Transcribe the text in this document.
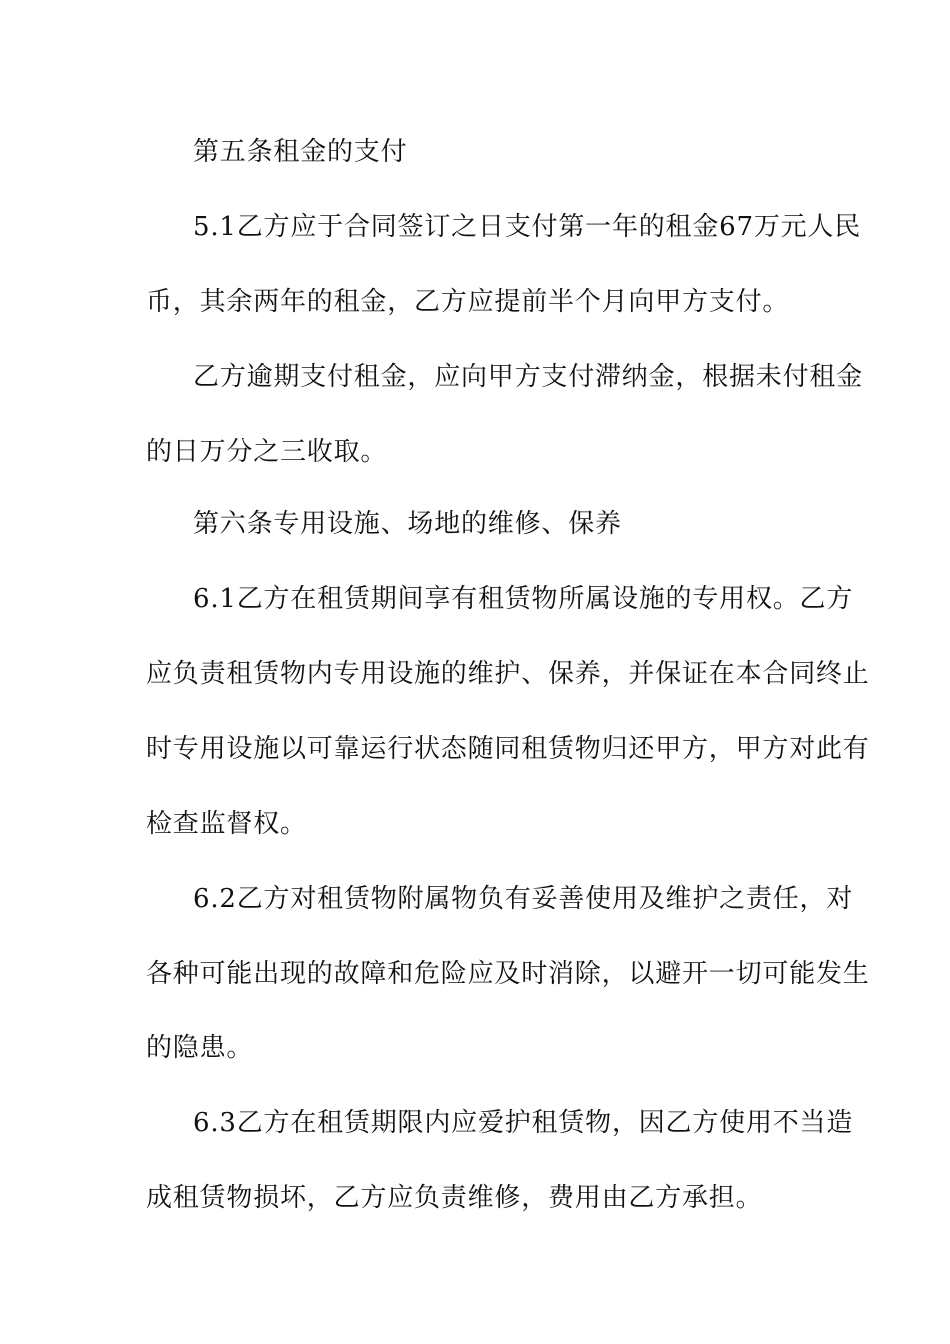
第五条租金的支付
5.1乙方应于合同签订之日支付第一年的租金67万元人民
币，其余两年的租金，乙方应提前半个月向甲方支付。
乙方逾期支付租金，应向甲方支付滞纳金，根据未付租金
的日万分之三收取。
第六条专用设施、场地的维修、保养
6.1乙方在租赁期间享有租赁物所属设施的专用权。乙方
应负责租赁物内专用设施的维护、保养，并保证在本合同终止
时专用设施以可靠运行状态随同租赁物归还甲方，甲方对此有
检查监督权。
6.2乙方对租赁物附属物负有妥善使用及维护之责任，对
各种可能出现的故障和危险应及时消除，以避开一切可能发生
的隐患。
6.3乙方在租赁期限内应爱护租赁物，因乙方使用不当造
成租赁物损坏，乙方应负责维修，费用由乙方承担。
